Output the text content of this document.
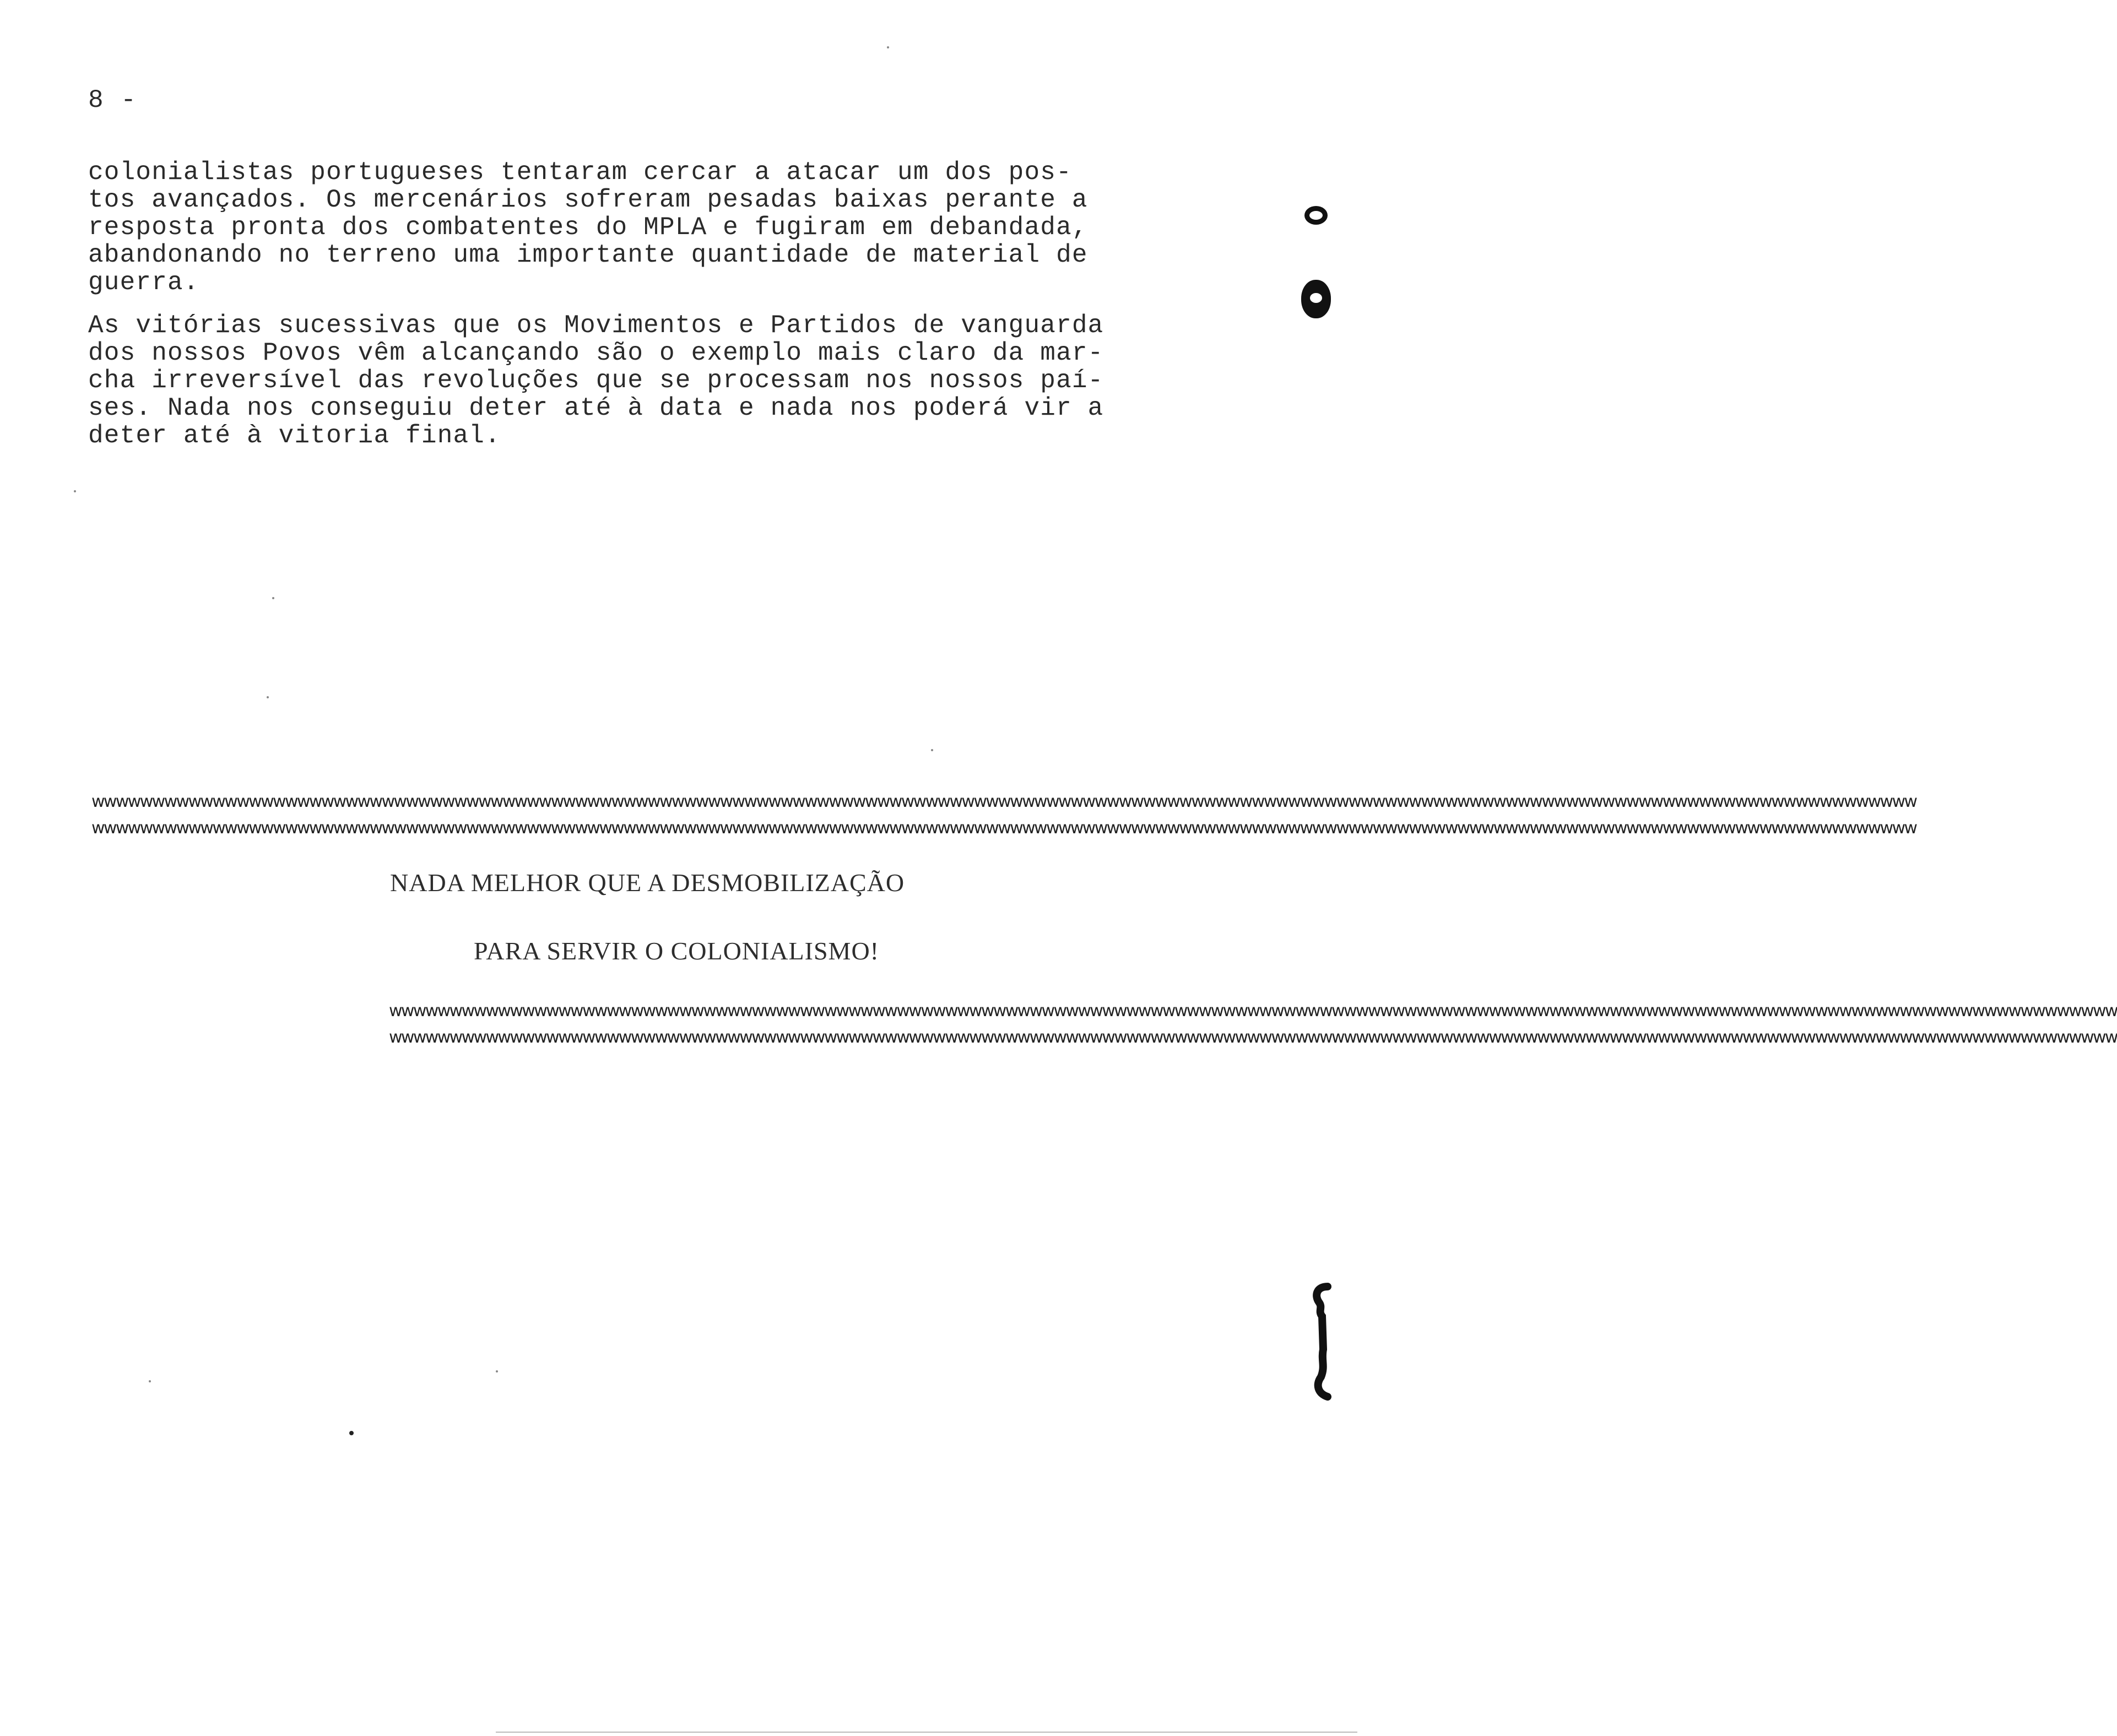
8 -
colonialistas portugueses tentaram cercar a atacar um dos pos-
tos avançados. Os mercenários sofreram pesadas baixas perante a
resposta pronta dos combatentes do MPLA e fugiram em debandada,
abandonando no terreno uma importante quantidade de material de
guerra.
As vitórias sucessivas que os Movimentos e Partidos de vanguarda
dos nossos Povos vêm alcançando são o exemplo mais claro da mar-
cha irreversível das revoluções que se processam nos nossos paí-
ses. Nada nos conseguiu deter até à data e nada nos poderá vir a
deter até à vitoria final.
wwwwwwwwwwwwwwwwwwwwwwwwwwwwwwwwwwwwwwwwwwwwwwwwwwwwwwwwwwwwwwwwwwwwwwwwwwwwwwwwwwwwwwwwwwwwwwwwwwwwwwwwwwwwwwwwwwwwwwwwwwwwwwwwwwwwwwwwwwwwwwwwwwwwwww
wwwwwwwwwwwwwwwwwwwwwwwwwwwwwwwwwwwwwwwwwwwwwwwwwwwwwwwwwwwwwwwwwwwwwwwwwwwwwwwwwwwwwwwwwwwwwwwwwwwwwwwwwwwwwwwwwwwwwwwwwwwwwwwwwwwwwwwwwwwwwwwwwwwwwww
NADA MELHOR QUE A DESMOBILIZAÇÃO
PARA SERVIR O COLONIALISMO!
wwwwwwwwwwwwwwwwwwwwwwwwwwwwwwwwwwwwwwwwwwwwwwwwwwwwwwwwwwwwwwwwwwwwwwwwwwwwwwwwwwwwwwwwwwwwwwwwwwwwwwwwwwwwwwwwwwwwwwwwwwwwwwwwwwwwwwwwwwwwwww
wwwwwwwwwwwwwwwwwwwwwwwwwwwwwwwwwwwwwwwwwwwwwwwwwwwwwwwwwwwwwwwwwwwwwwwwwwwwwwwwwwwwwwwwwwwwwwwwwwwwwwwwwwwwwwwwwwwwwwwwwwwwwwwwwwwwwwwwwwwwwww
